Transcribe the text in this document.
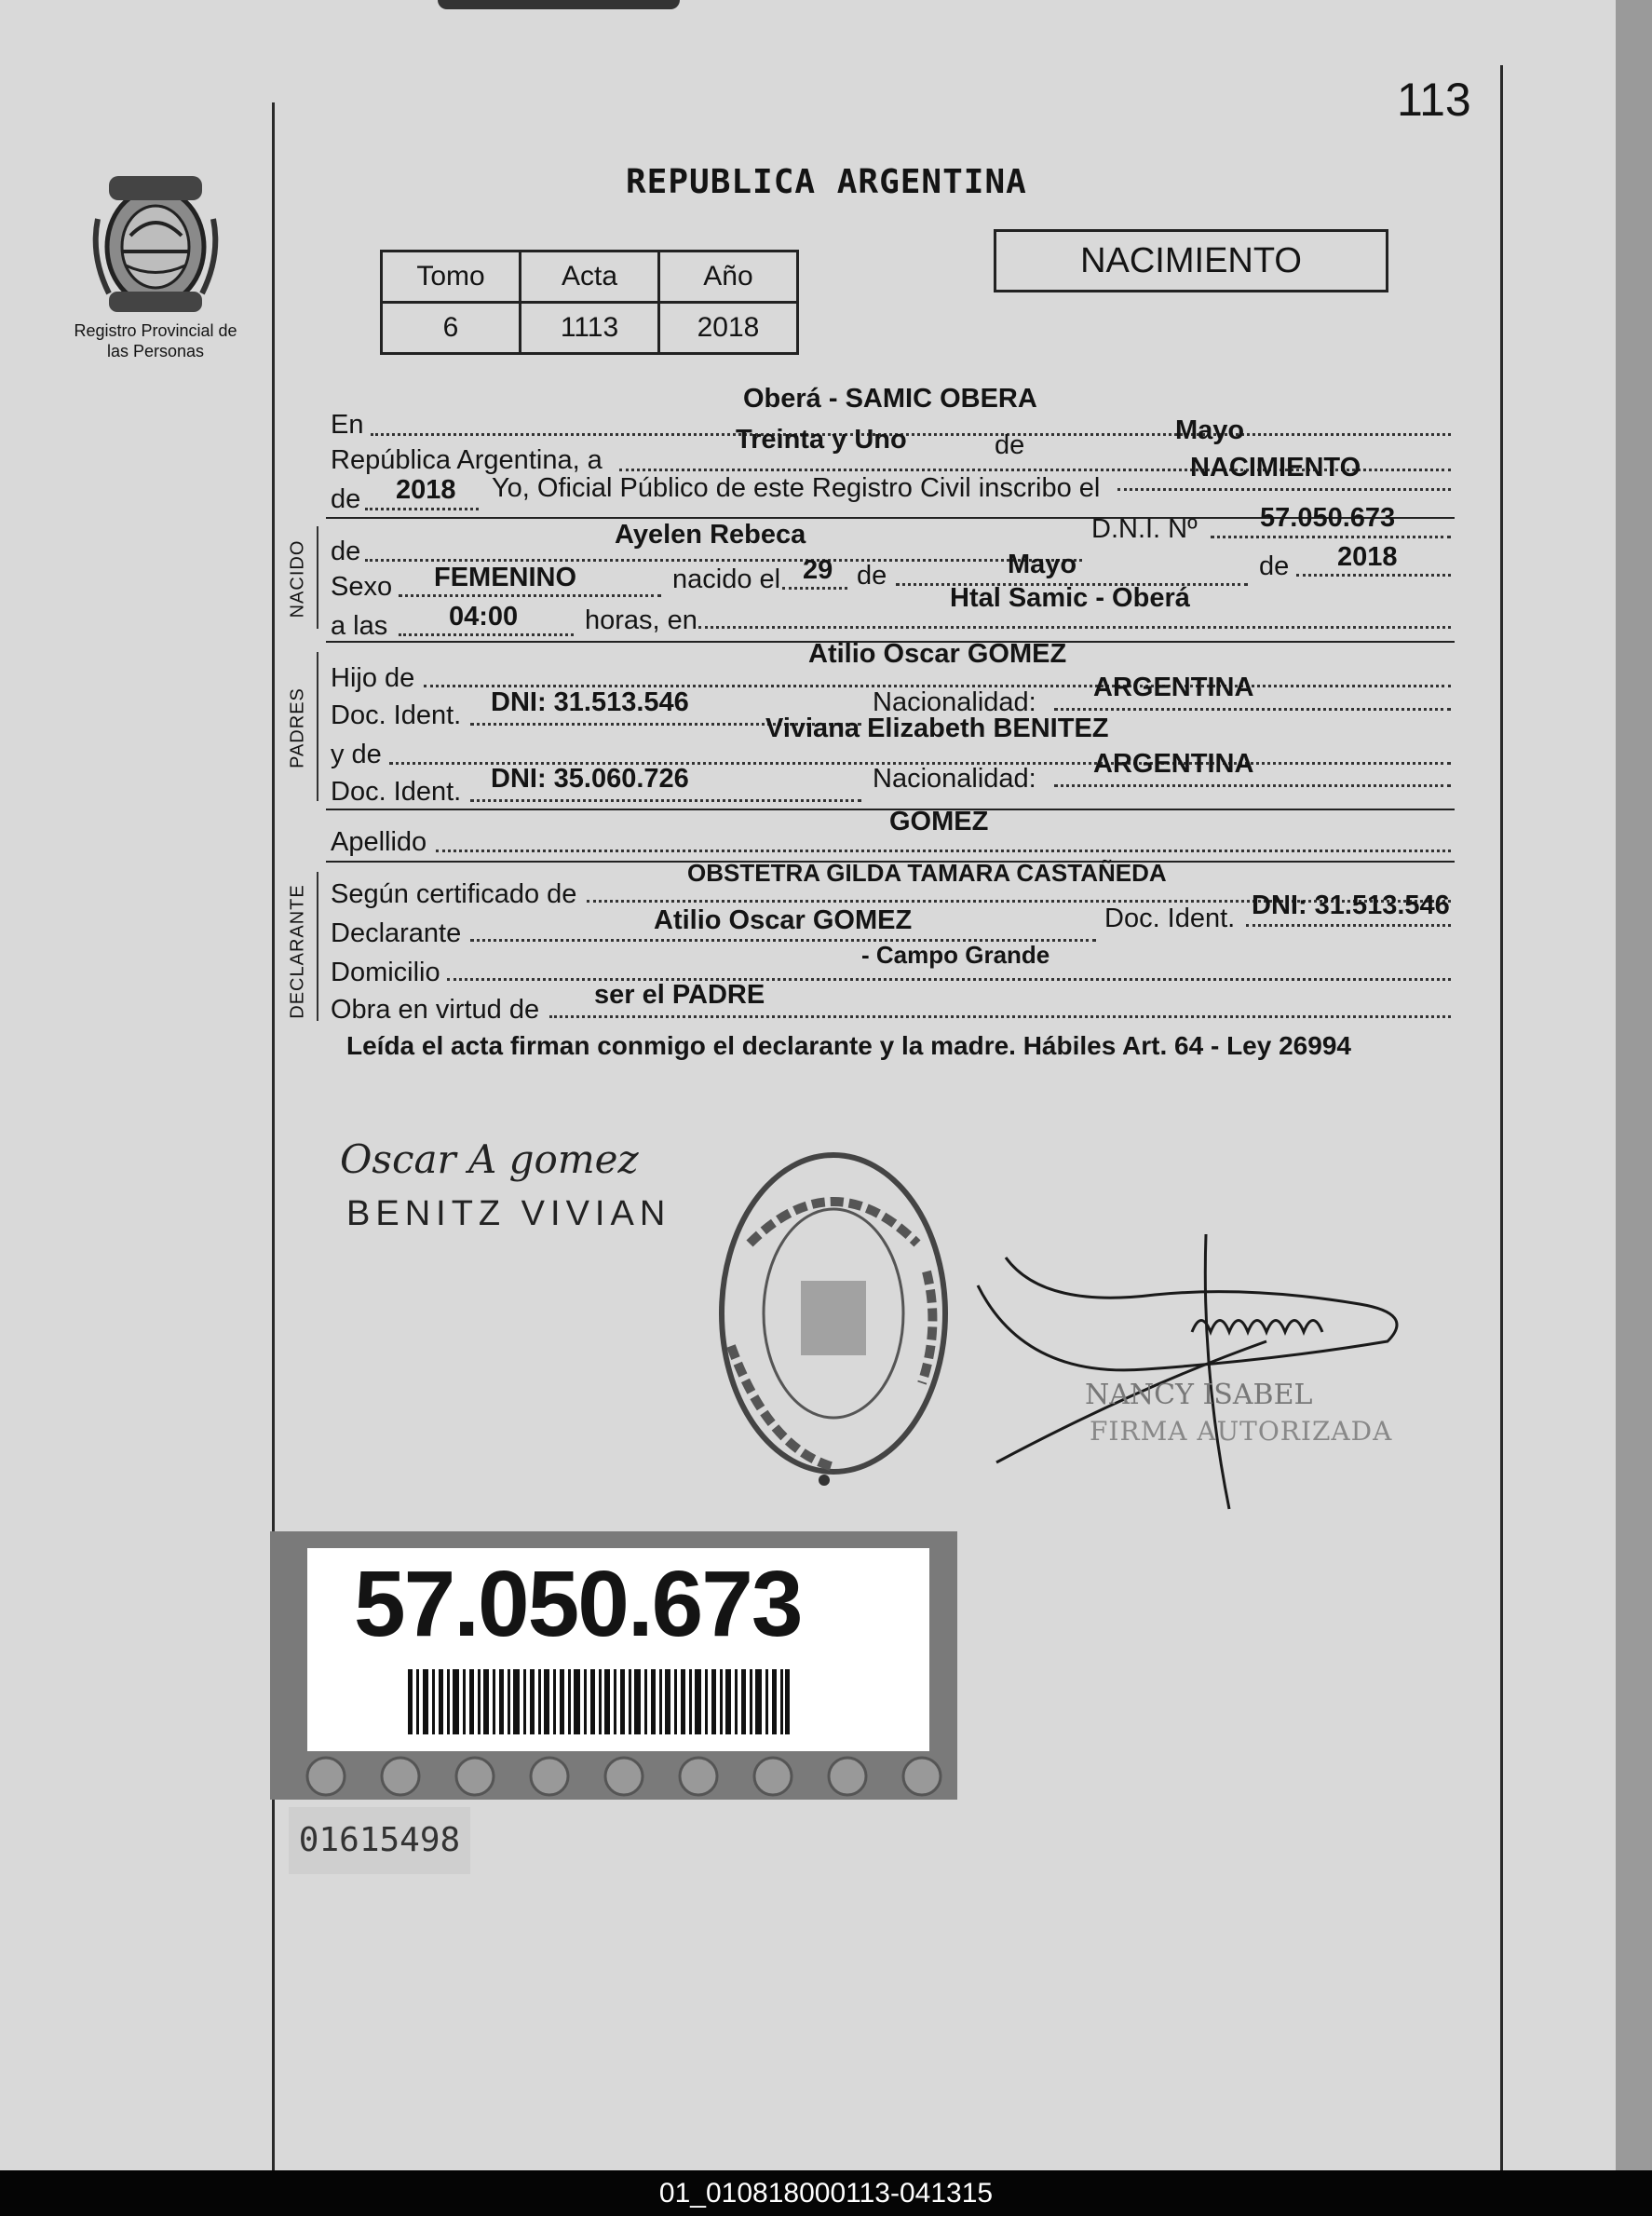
113
Registro Provincial de las Personas
REPUBLICA ARGENTINA
NACIMIENTO
Tomo	Acta	Año
6	1113	2018
En
Oberá - SAMIC OBERA
República Argentina, a
Treinta y Uno	de	Mayo
de 2018 Yo, Oficial Público de este Registro Civil inscribo el
NACIMIENTO
NACIDO de
Ayelen Rebeca	D.N.I. Nº 57.050.673
Sexo FEMENINO	nacido el 29 de	Mayo	de 2018
a las 04:00 horas, en
Htal Samic - Oberá
PADRES
Hijo de
Atilio Oscar GOMEZ
Doc. Ident. DNI: 31.513.546	Nacionalidad: ARGENTINA
y de
Viviana Elizabeth BENITEZ
Doc. Ident. DNI: 35.060.726	Nacionalidad: ARGENTINA
Apellido
GOMEZ
DECLARANTE Según certificado de
OBSTETRA GILDA TAMARA CASTAÑEDA
Declarante	Atilio Oscar GOMEZ	Doc. Ident. DNI: 31.513.546
Domicilio
- Campo Grande
Obra en virtud de ser el PADRE
Leída el acta firman conmigo el declarante y la madre. Hábiles Art. 64 - Ley 26994
Oscar A gomez
BENITZ VIVIAN
NANCY ISABEL
FIRMA AUTORIZADA
57.050.673
01615498
01_010818000113-041315
